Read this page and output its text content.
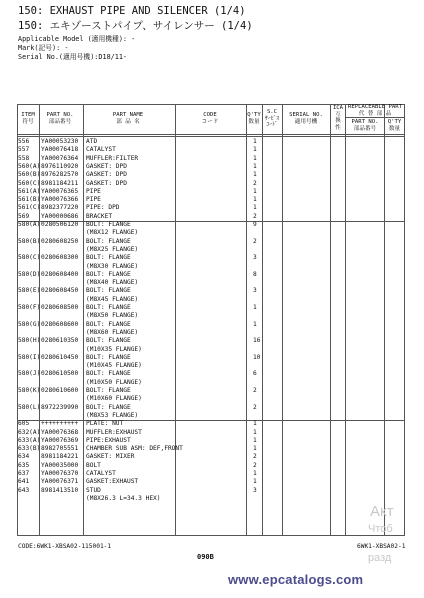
150: EXHAUST PIPE AND SILENCER (1/4)
150: エキゾーストパイプ、サイレンサー (1/4)
Applicable Model (適用機種): -
Mark(記号): -
Serial No.(適用号機):D18/11-
ITEM
符号
PART NO.
部品番号
PART NAME
部 品 名
CODE
コード
Q'TY
数量
S.C
ｻｰﾋﾞｽ
ｺｰﾄﾞ
SERIAL NO.
適用号機
ICA
互
換
性
REPLACEABLE PART
代 替 部 品
PART NO.
部品番号
Q'TY
数量
556 YA00053230 ATD	1
557 YA00076418 CATALYST	1
558 YA00076364 MUFFLER:FILTER	1
560(A) 8976110920 GASKET: DPD	1
560(B) 8976282570 GASKET: DPD	1
560(C) 8981184211 GASKET: DPD	2
561(A) YA00076365 PIPE	1
561(B) YA00076366 PIPE	1
561(C) 8982377220 PIPE: DPD	1
569 YA00000686 BRACKET	2
580(A) 0280506120 BOLT: FLANGE	9
(M8X12 FLANGE)
580(B) 0280608250 BOLT: FLANGE	2
(M8X25 FLANGE)
580(C) 0280608300 BOLT: FLANGE	3
(M8X30 FLANGE)
580(D) 0280608400 BOLT: FLANGE	8
(M8X40 FLANGE)
580(E) 0280608450 BOLT: FLANGE	3
(M8X45 FLANGE)
580(F) 0280608500 BOLT: FLANGE	1
(M8X50 FLANGE)
580(G) 0280608600 BOLT: FLANGE	1
(M8X60 FLANGE)
580(H) 0280610350 BOLT: FLANGE	16
(M10X35 FLANGE)
580(I) 0280610450 BOLT: FLANGE	10
(M10X45 FLANGE)
580(J) 0280610500 BOLT: FLANGE	6
(M10X50 FLANGE)
580(K) 0280610600 BOLT: FLANGE	2
(M10X60 FLANGE)
580(L) 8972239990 BOLT: FLANGE	2
(M8X53 FLANGE)
605 ++++++++++ PLATE: NUT	1
632(A) YA00076368 MUFFLER:EXHAUST	1
633(A) YA00076369 PIPE:EXHAUST	1
633(B) 8982705551 CHAMBER SUB ASM: DEF,FRONT	1
634 8981184221 GASKET: MIXER	2
635 YA00035000 BOLT	2
637 YA00076370 CATALYST	1
641 YA00076371 GASKET:EXHAUST	1
643 8981413510 STUD	3
(M8X26.3 L=34.3 HEX)
CODE:6WK1-XBSA02-115001-1	6WK1-XBSA02-1
090B
Акт
Чтоб
разд
www.epcatalogs.com
